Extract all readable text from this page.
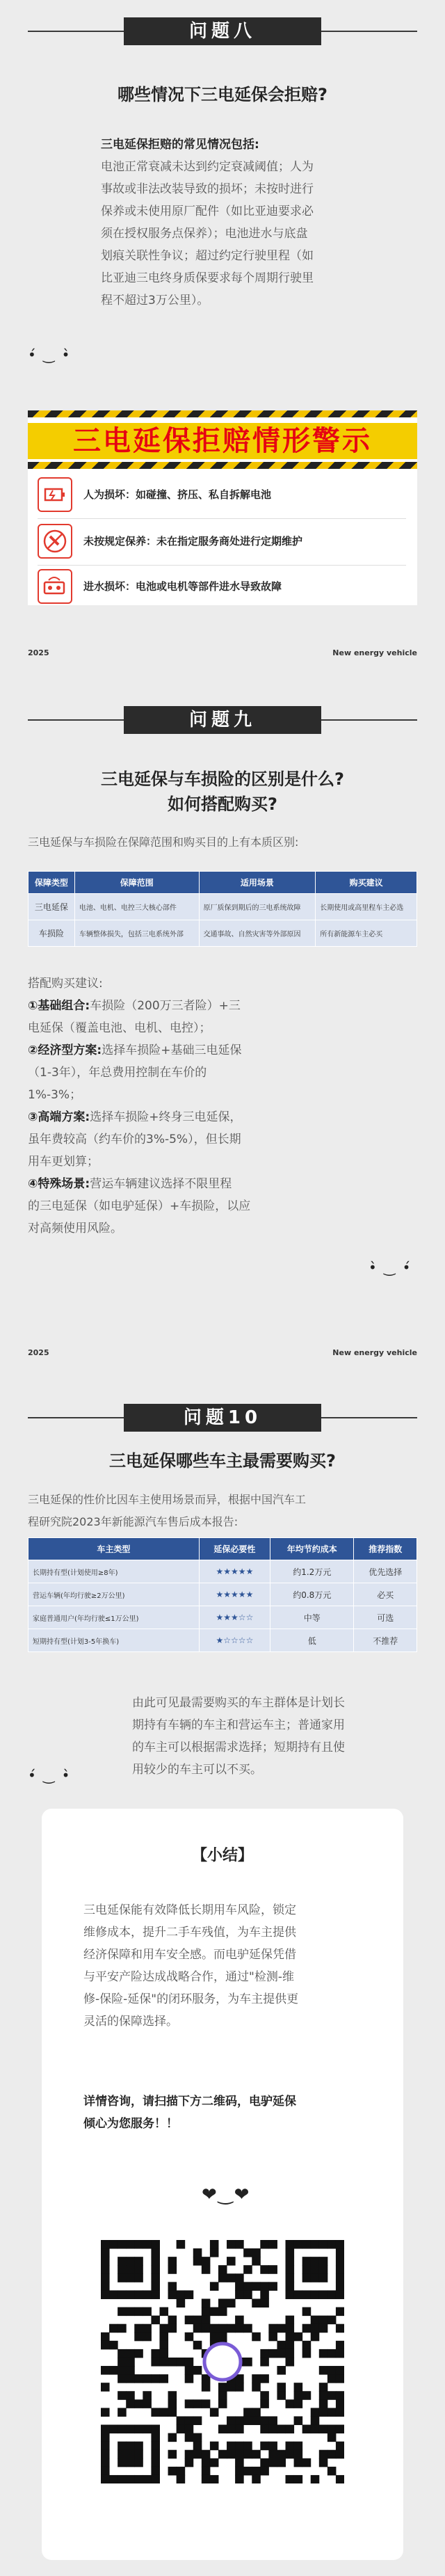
问题八
哪些情况下三电延保会拒赔?
三电延保拒赔的常见情况包括:
电池正常衰减未达到约定衰减阈值；人为
事故或非法改装导致的损坏；未按时进行
保养或未使用原厂配件（如比亚迪要求必
须在授权服务点保养）；电池进水与底盘
划痕关联性争议；超过约定行驶里程（如
比亚迪三电终身质保要求每个周期行驶里
程不超过3万公里）。
•́ ‿ •̀
三电延保拒赔情形警示
人为损坏：如碰撞、挤压、私自拆解电池
未按规定保养：未在指定服务商处进行定期维护
进水损坏：电池或电机等部件进水导致故障
2025	New energy vehicle
问题九
三电延保与车损险的区别是什么?
如何搭配购买?
三电延保与车损险在保障范围和购买目的上有本质区别:
保障类型	保障范围	适用场景	购买建议
三电延保	电池、电机、电控三大核心部件	原厂质保到期后的三电系统故障	长期使用或高里程车主必选
车损险	车辆整体损失，包括三电系统外部	交通事故、自然灾害等外部原因	所有新能源车主必买
搭配购买建议:
①基础组合:车损险（200万三者险）+三
电延保（覆盖电池、电机、电控）；
②经济型方案:选择车损险+基础三电延保
（1-3年），年总费用控制在车价的
1%-3%；
③高端方案:选择车损险+终身三电延保，
虽年费较高（约车价的3%-5%），但长期
用车更划算；
④特殊场景:营运车辆建议选择不限里程
的三电延保（如电驴延保）+车损险，以应
对高频使用风险。
•̀ ‿ •́
2025	New energy vehicle
问题10
三电延保哪些车主最需要购买?
三电延保的性价比因车主使用场景而异，根据中国汽车工
程研究院2023年新能源汽车售后成本报告:
车主类型	延保必要性	年均节约成本	推荐指数
长期持有型(计划使用≥8年)	★★★★★	约1.2万元	优先选择
营运车辆(年均行驶≥2万公里)	★★★★★	约0.8万元	必买
家庭普通用户(年均行驶≤1万公里)	★★★☆☆	中等	可选
短期持有型(计划3-5年换车)	★☆☆☆☆	低	不推荐
由此可见最需要购买的车主群体是计划长
期持有车辆的车主和营运车主；普通家用
的车主可以根据需求选择；短期持有且使
用较少的车主可以不买。
•́ ‿ •̀
【小结】
三电延保能有效降低长期用车风险，锁定
维修成本，提升二手车残值，为车主提供
经济保障和用车安全感。而电驴延保凭借
与平安产险达成战略合作，通过"检测-维
修-保险-延保"的闭环服务，为车主提供更
灵活的保障选择。
详情咨询，请扫描下方二维码，电驴延保
倾心为您服务！！
❤‿❤
